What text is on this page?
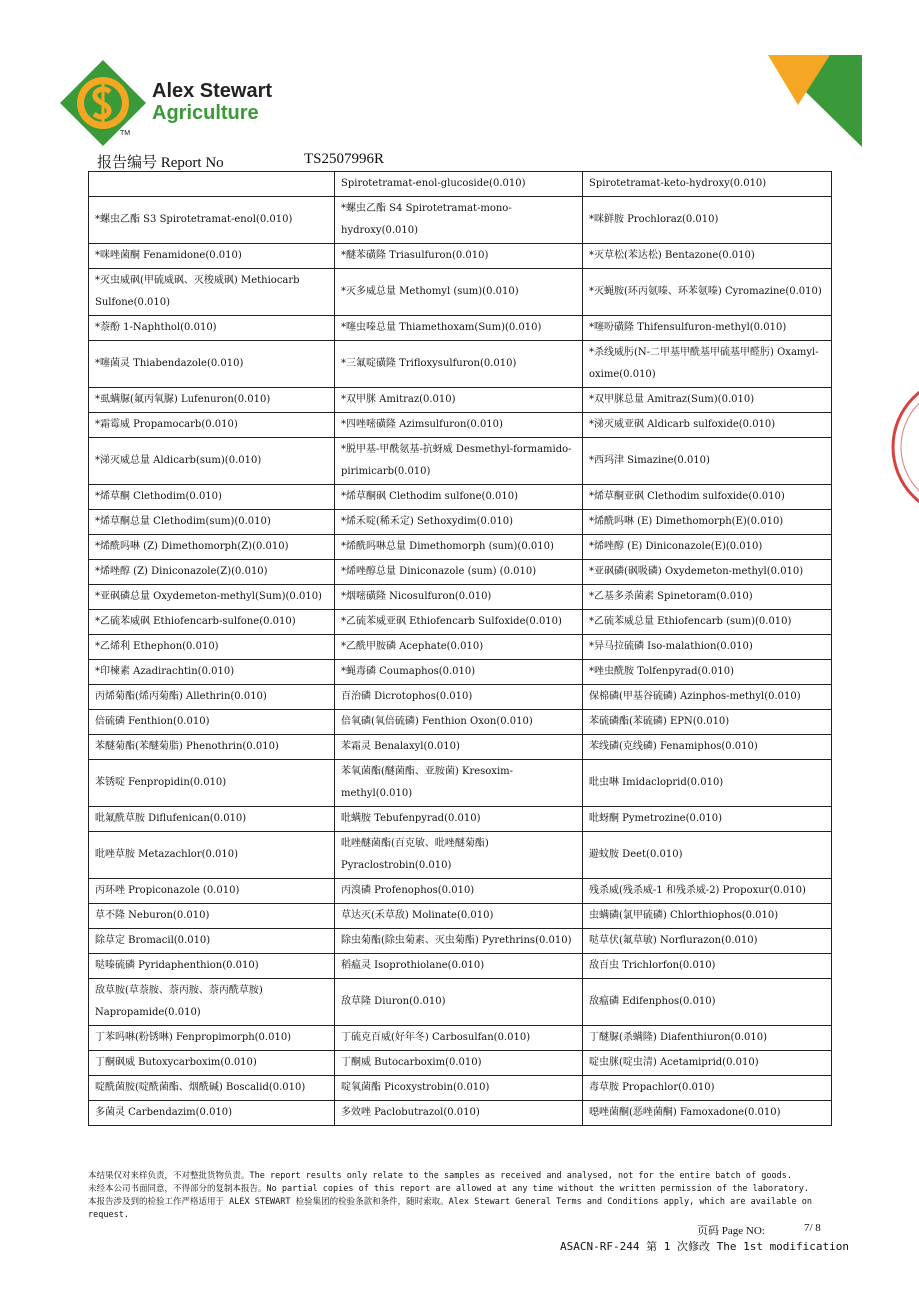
Alex Stewart
Agriculture
TM
报告编号 Report No	TS2507996R
	Spirotetramat-enol-glucoside(0.010)	Spirotetramat-keto-hydroxy(0.010)
*螺虫乙酯 S3 Spirotetramat-enol(0.010)	*螺虫乙酯 S4 Spirotetramat-mono-hydroxy(0.010)	*咪鲜胺 Prochloraz(0.010)
*咪唑菌酮 Fenamidone(0.010)	*醚苯磺隆 Triasulfuron(0.010)	*灭草松(苯达松) Bentazone(0.010)
*灭虫威砜(甲硫威砜、灭梭威砜) Methiocarb Sulfone(0.010)	*灭多威总量 Methomyl (sum)(0.010)	*灭蝇胺(环丙氨嗪、环苯氨嗪) Cyromazine(0.010)
*萘酚 1-Naphthol(0.010)	*噻虫嗪总量 Thiamethoxam(Sum)(0.010)	*噻吩磺隆 Thifensulfuron-methyl(0.010)
*噻菌灵 Thiabendazole(0.010)	*三氟啶磺隆 Trifloxysulfuron(0.010)	*杀线威肟(N-二甲基甲酰基甲硫基甲醛肟) Oxamyl-oxime(0.010)
*虱螨脲(氟丙氧脲) Lufenuron(0.010)	*双甲脒 Amitraz(0.010)	*双甲脒总量 Amitraz(Sum)(0.010)
*霜霉威 Propamocarb(0.010)	*四唑嘧磺隆 Azimsulfuron(0.010)	*涕灭威亚砜 Aldicarb sulfoxide(0.010)
*涕灭威总量 Aldicarb(sum)(0.010)	*脱甲基-甲酰氨基-抗蚜威 Desmethyl-formamido-pirimicarb(0.010)	*西玛津 Simazine(0.010)
*烯草酮 Clethodim(0.010)	*烯草酮砜 Clethodim sulfone(0.010)	*烯草酮亚砜 Clethodim sulfoxide(0.010)
*烯草酮总量 Clethodim(sum)(0.010)	*烯禾啶(稀禾定) Sethoxydim(0.010)	*烯酰吗啉 (E) Dimethomorph(E)(0.010)
*烯酰吗啉 (Z) Dimethomorph(Z)(0.010)	*烯酰吗啉总量 Dimethomorph (sum)(0.010)	*烯唑醇 (E) Diniconazole(E)(0.010)
*烯唑醇 (Z) Diniconazole(Z)(0.010)	*烯唑醇总量 Diniconazole (sum) (0.010)	*亚砜磷(砜吸磷) Oxydemeton-methyl(0.010)
*亚砜磷总量 Oxydemeton-methyl(Sum)(0.010)	*烟嘧磺隆 Nicosulfuron(0.010)	*乙基多杀菌素 Spinetoram(0.010)
*乙硫苯威砜 Ethiofencarb-sulfone(0.010)	*乙硫苯威亚砜 Ethiofencarb Sulfoxide(0.010)	*乙硫苯威总量 Ethiofencarb (sum)(0.010)
*乙烯利 Ethephon(0.010)	*乙酰甲胺磷 Acephate(0.010)	*异马拉硫磷 Iso-malathion(0.010)
*印楝素 Azadirachtin(0.010)	*蝇毒磷 Coumaphos(0.010)	*唑虫酰胺 Tolfenpyrad(0.010)
丙烯菊酯(烯丙菊酯) Allethrin(0.010)	百治磷 Dicrotophos(0.010)	保棉磷(甲基谷硫磷) Azinphos-methyl(0.010)
倍硫磷 Fenthion(0.010)	倍氧磷(氧倍硫磷) Fenthion Oxon(0.010)	苯硫磷酯(苯硫磷) EPN(0.010)
苯醚菊酯(苯醚菊脂) Phenothrin(0.010)	苯霜灵 Benalaxyl(0.010)	苯线磷(克线磷) Fenamiphos(0.010)
苯锈啶 Fenpropidin(0.010)	苯氧菌酯(醚菌酯、亚胺菌) Kresoxim-methyl(0.010)	吡虫啉 Imidacloprid(0.010)
吡氟酰草胺 Diflufenican(0.010)	吡螨胺 Tebufenpyrad(0.010)	吡蚜酮 Pymetrozine(0.010)
吡唑草胺 Metazachlor(0.010)	吡唑醚菌酯(百克敏、吡唑醚菊酯) Pyraclostrobin(0.010)	避蚊胺 Deet(0.010)
丙环唑 Propiconazole (0.010)	丙溴磷 Profenophos(0.010)	残杀威(残杀威-1 和残杀威-2) Propoxur(0.010)
草不隆 Neburon(0.010)	草达灭(禾草敌) Molinate(0.010)	虫螨磷(氯甲硫磷) Chlorthiophos(0.010)
除草定 Bromacil(0.010)	除虫菊酯(除虫菊素、灭虫菊酯) Pyrethrins(0.010)	哒草伏(氟草敏) Norflurazon(0.010)
哒嗪硫磷 Pyridaphenthion(0.010)	稻瘟灵 Isoprothiolane(0.010)	敌百虫 Trichlorfon(0.010)
敌草胺(草萘胺、萘丙胺、萘丙酰草胺) Napropamide(0.010)	敌草隆 Diuron(0.010)	敌瘟磷 Edifenphos(0.010)
丁苯吗啉(粉锈啉) Fenpropimorph(0.010)	丁硫克百威(好年冬) Carbosulfan(0.010)	丁醚脲(杀螨隆) Diafenthiuron(0.010)
丁酮砜威 Butoxycarboxim(0.010)	丁酮威 Butocarboxim(0.010)	啶虫脒(啶虫清) Acetamiprid(0.010)
啶酰菌胺(啶酰菌酯、烟酰碱) Boscalid(0.010)	啶氧菌酯 Picoxystrobin(0.010)	毒草胺 Propachlor(0.010)
多菌灵 Carbendazim(0.010)	多效唑 Paclobutrazol(0.010)	噁唑菌酮(恶唑菌酮) Famoxadone(0.010)
本结果仅对来样负责，不对整批货物负责。The report results only relate to the samples as received and analysed, not for the entire batch of goods.
未经本公司书面同意，不得部分的复制本报告。No partial copies of this report are allowed at any time without the written permission of the laboratory.
本报告涉及到的检验工作严格适用于 ALEX STEWART 检验集团的检验条款和条件，随时索取。Alex Stewart General Terms and Conditions apply, which are available on request.
页码 Page NO:	7/ 8
ASACN-RF-244 第 1 次修改 The 1st modification
